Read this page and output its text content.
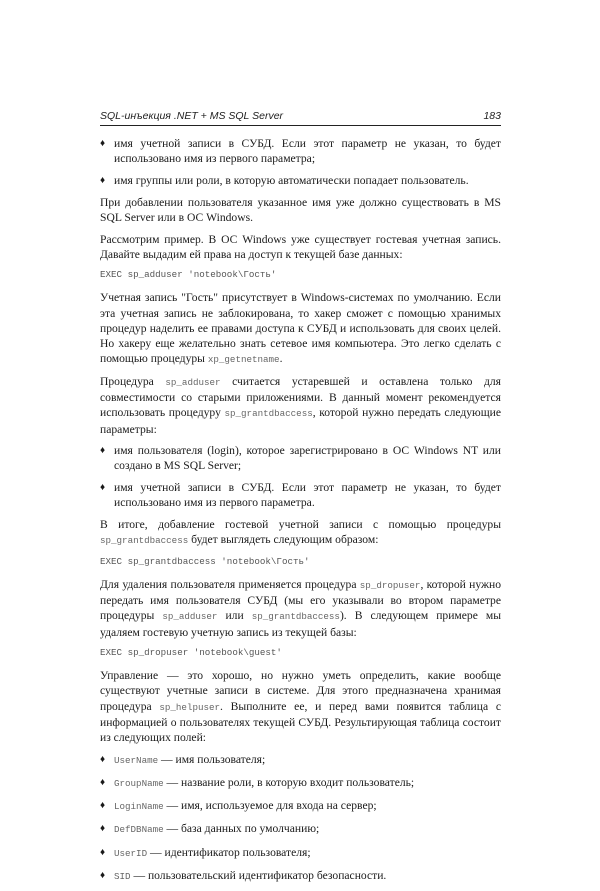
SQL-инъекция .NET + MS SQL Server	183
♦ имя учетной записи в СУБД. Если этот параметр не указан, то будет использовано имя из первого параметра;
♦ имя группы или роли, в которую автоматически попадает пользователь.

При добавлении пользователя указанное имя уже должно существовать в MS SQL Server или в ОС Windows.

Рассмотрим пример. В ОС Windows уже существует гостевая учетная запись. Давайте выдадим ей права на доступ к текущей базе данных:

EXEC sp_adduser 'notebook\Гость'

Учетная запись "Гость" присутствует в Windows-системах по умолчанию. Если эта учетная запись не заблокирована, то хакер сможет с помощью хранимых процедур наделить ее правами доступа к СУБД и использовать для своих целей. Но хакеру еще желательно знать сетевое имя компьютера. Это легко сделать с помощью процедуры xp_getnetname.

Процедура sp_adduser считается устаревшей и оставлена только для совместимости со старыми приложениями. В данный момент рекомендуется использовать процедуру sp_grantdbaccess, которой нужно передать следующие параметры:

♦ имя пользователя (login), которое зарегистрировано в ОС Windows NT или создано в MS SQL Server;
♦ имя учетной записи в СУБД. Если этот параметр не указан, то будет использовано имя из первого параметра.

В итоге, добавление гостевой учетной записи с помощью процедуры

sp_grantdbaccess будет выглядеть следующим образом:

EXEC sp_grantdbaccess 'notebook\Гость'

Для удаления пользователя применяется процедура sp_dropuser, которой нужно передать имя пользователя СУБД (мы его указывали во втором параметре процедуры sp_adduser или sp_grantdbaccess). В следующем примере мы удаляем гостевую учетную запись из текущей базы:

EXEC sp_dropuser 'notebook\guest'

Управление — это хорошо, но нужно уметь определить, какие вообще существуют учетные записи в системе. Для этого предназначена хранимая процедура sp_helpuser. Выполните ее, и перед вами появится таблица с информацией о пользователях текущей СУБД. Результирующая таблица состоит из следующих полей:

♦ UserName — имя пользователя;
♦ GroupName — название роли, в которую входит пользователь;
♦ LoginName — имя, используемое для входа на сервер;
♦ DefDBName — база данных по умолчанию;
♦ UserID — идентификатор пользователя;
♦ SID — пользовательский идентификатор безопасности.
